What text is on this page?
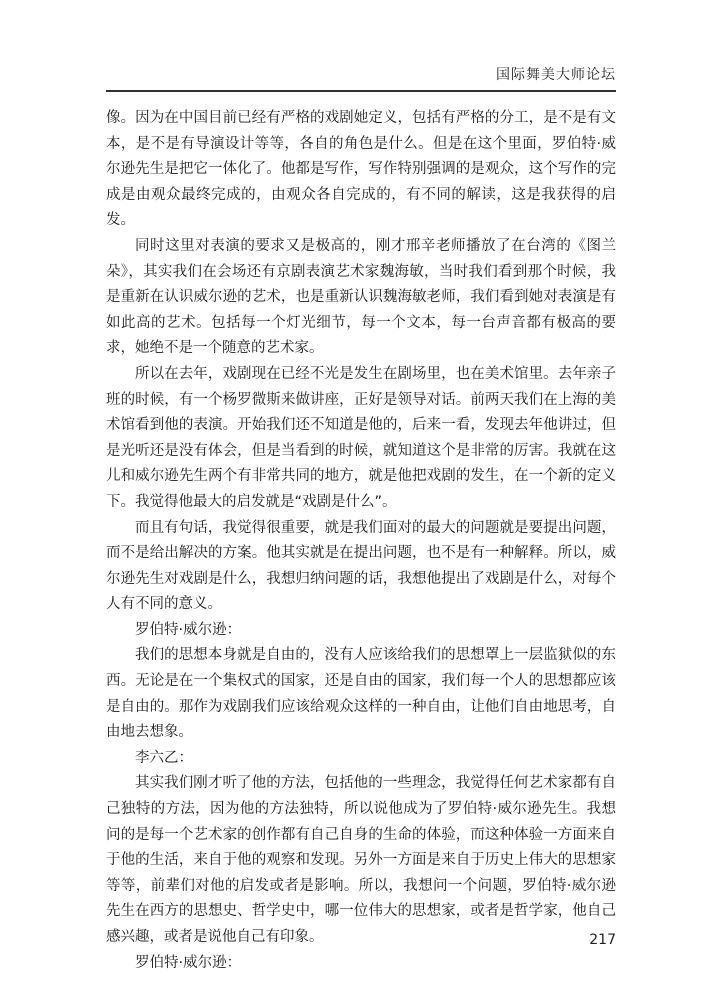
国际舞美大师论坛

像。因为在中国目前已经有严格的戏剧她定义，包括有严格的分工，是不是有文本，是不是有导演设计等等，各自的角色是什么。但是在这个里面，罗伯特·威尔逊先生是把它一体化了。他都是写作，写作特别强调的是观众，这个写作的完成是由观众最终完成的，由观众各自完成的，有不同的解读，这是我获得的启发。

同时这里对表演的要求又是极高的，刚才邢辛老师播放了在台湾的《图兰朵》，其实我们在会场还有京剧表演艺术家魏海敏，当时我们看到那个时候，我是重新在认识威尔逊的艺术，也是重新认识魏海敏老师，我们看到她对表演是有如此高的艺术。包括每一个灯光细节，每一个文本，每一台声音都有极高的要求，她绝不是一个随意的艺术家。

所以在去年，戏剧现在已经不光是发生在剧场里，也在美术馆里。去年亲子班的时候，有一个杨罗微斯来做讲座，正好是领导对话。前两天我们在上海的美术馆看到他的表演。开始我们还不知道是他的，后来一看，发现去年他讲过，但是光听还是没有体会，但是当看到的时候，就知道这个是非常的厉害。我就在这儿和威尔逊先生两个有非常共同的地方，就是他把戏剧的发生，在一个新的定义下。我觉得他最大的启发就是“戏剧是什么”。

而且有句话，我觉得很重要，就是我们面对的最大的问题就是要提出问题，而不是给出解决的方案。他其实就是在提出问题，也不是有一种解释。所以，威尔逊先生对戏剧是什么，我想归纳问题的话，我想他提出了戏剧是什么，对每个人有不同的意义。

罗伯特·威尔逊：

我们的思想本身就是自由的，没有人应该给我们的思想罩上一层监狱似的东西。无论是在一个集权式的国家，还是自由的国家，我们每一个人的思想都应该是自由的。那作为戏剧我们应该给观众这样的一种自由，让他们自由地思考，自由地去想象。

李六乙：

其实我们刚才听了他的方法，包括他的一些理念，我觉得任何艺术家都有自己独特的方法，因为他的方法独特，所以说他成为了罗伯特·威尔逊先生。我想问的是每一个艺术家的创作都有自己自身的生命的体验，而这种体验一方面来自于他的生活，来自于他的观察和发现。另外一方面是来自于历史上伟大的思想家等等，前辈们对他的启发或者是影响。所以，我想问一个问题，罗伯特·威尔逊先生在西方的思想史、哲学史中，哪一位伟大的思想家，或者是哲学家，他自己感兴趣，或者是说他自己有印象。

罗伯特·威尔逊：

217
